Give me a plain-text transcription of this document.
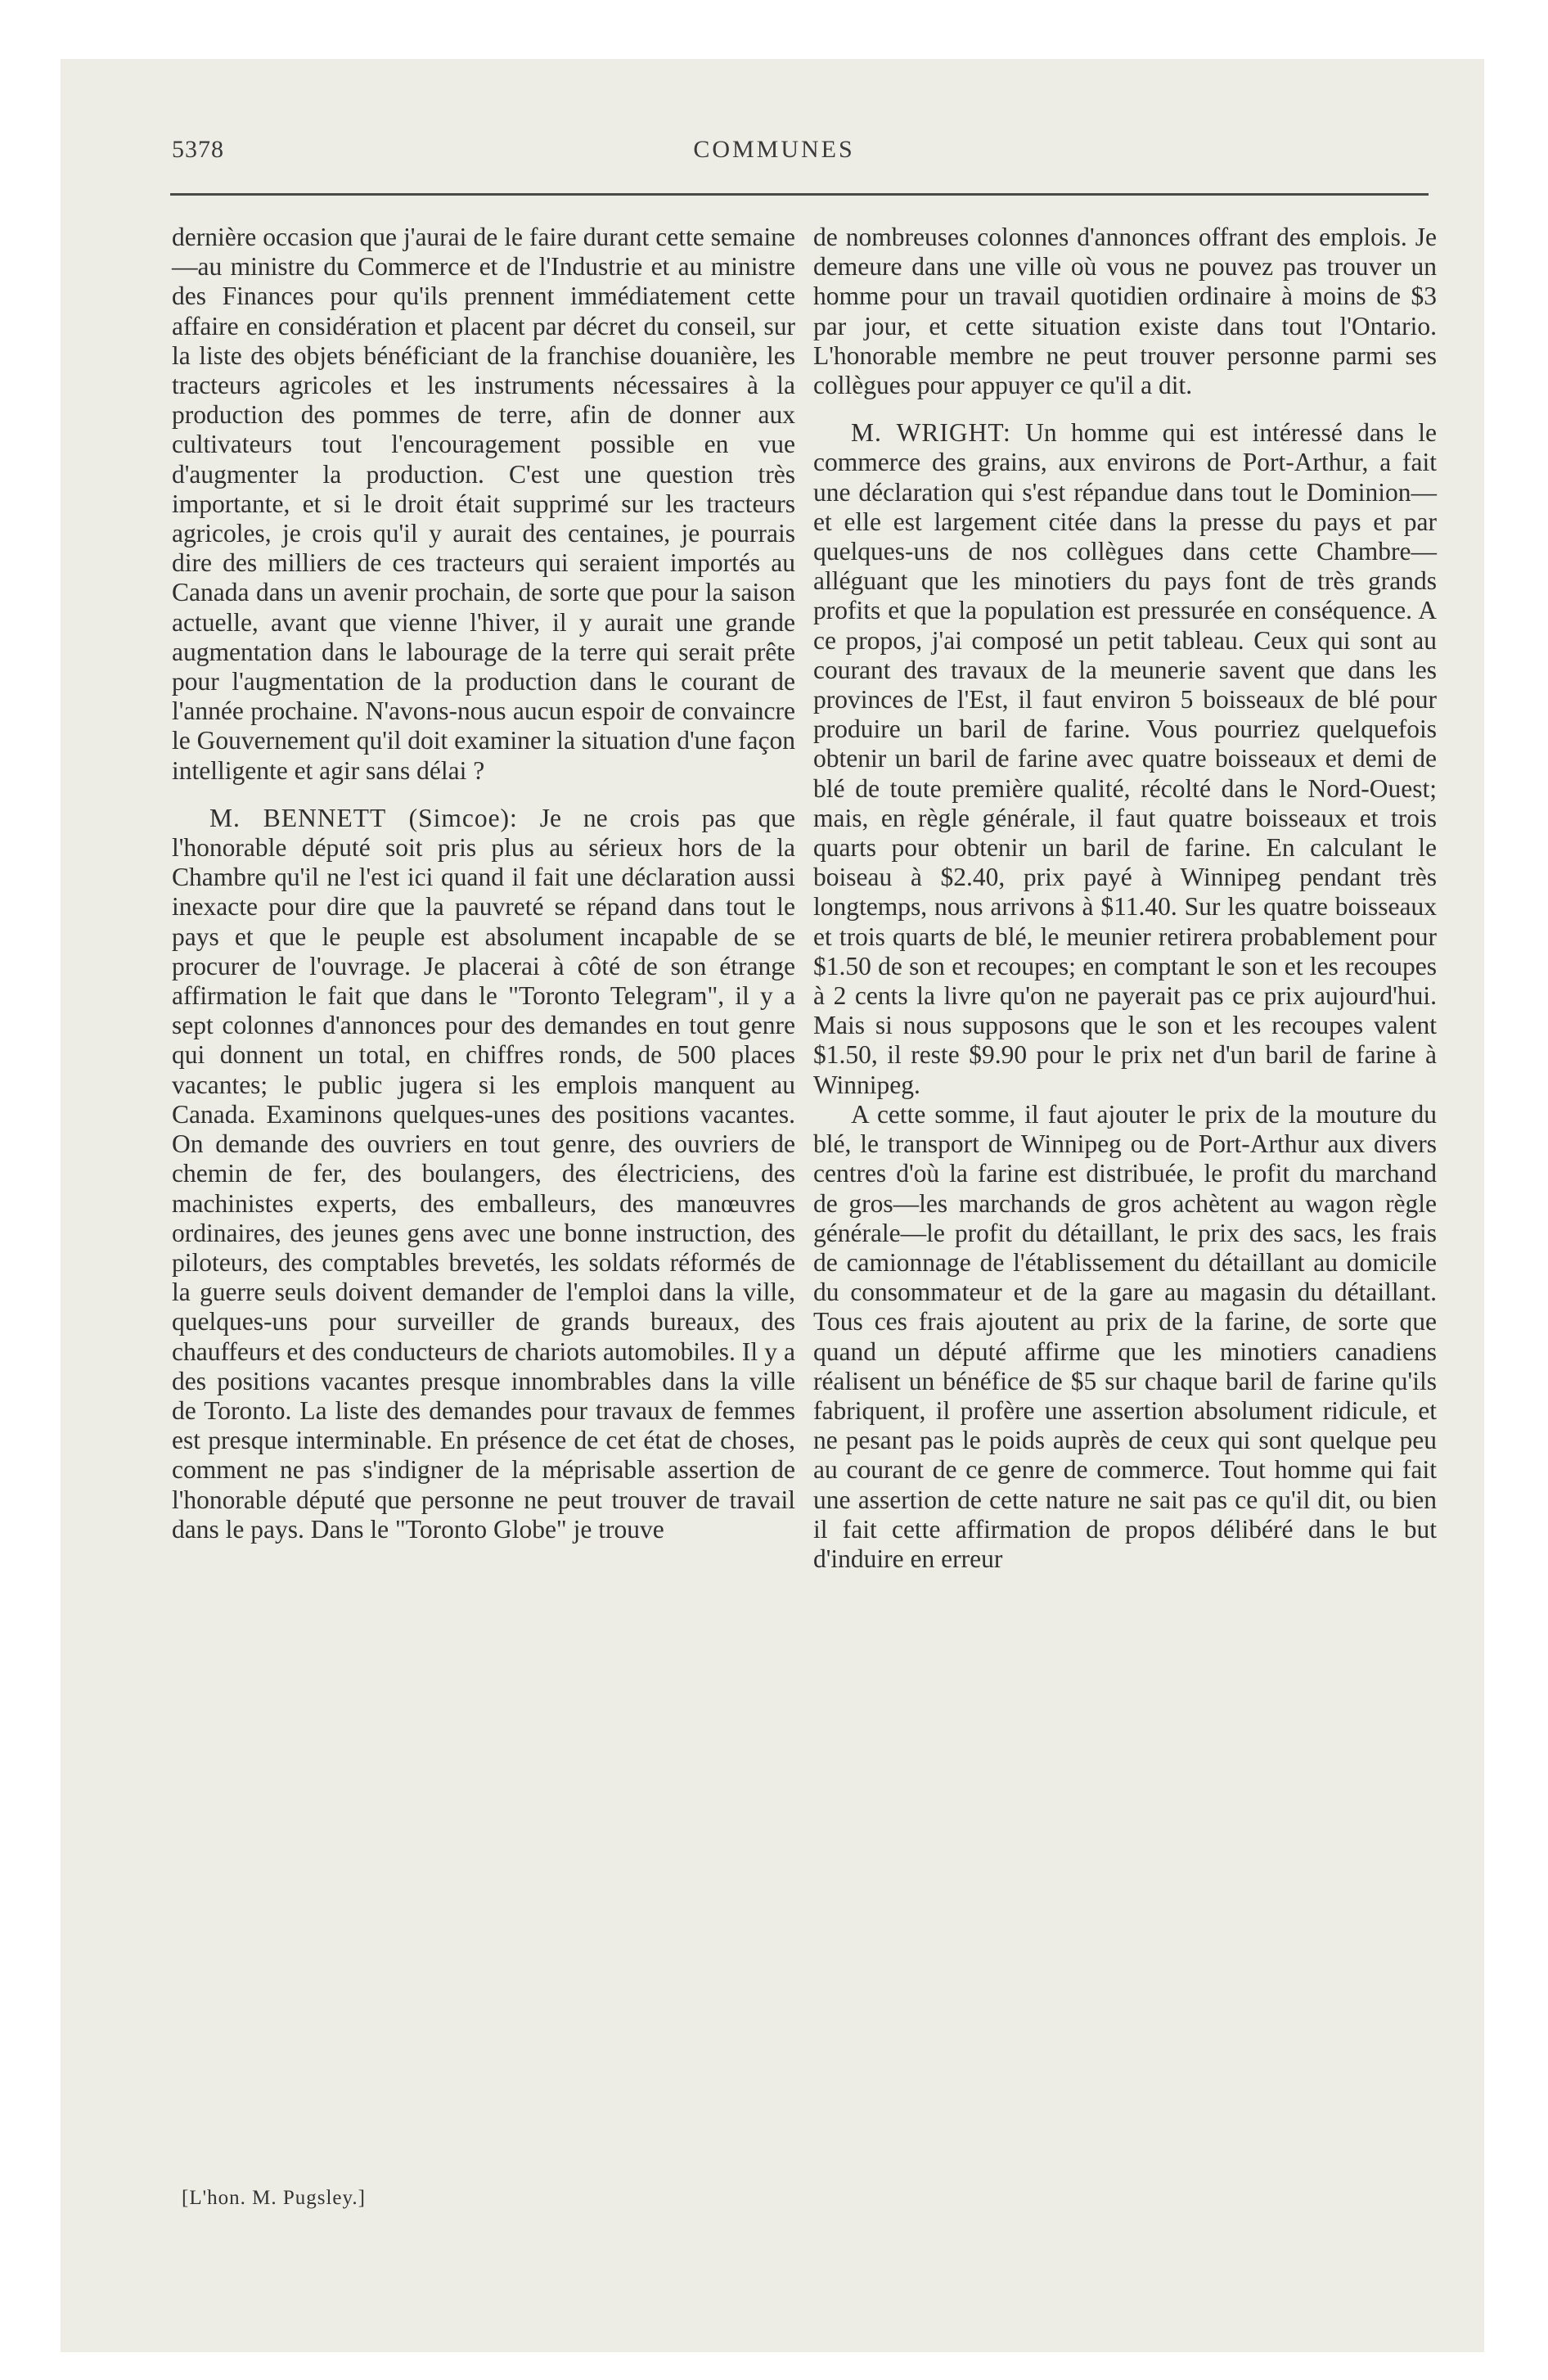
5378	COMMUNES

dernière occasion que j'aurai de le faire durant cette semaine—au ministre du Commerce et de l'Industrie et au ministre des Finances pour qu'ils prennent immédiatement cette affaire en considération et placent par décret du conseil, sur la liste des objets bénéficiant de la franchise douanière, les tracteurs agricoles et les instruments nécessaires à la production des pommes de terre, afin de donner aux cultivateurs tout l'encouragement possible en vue d'augmenter la production. C'est une question très importante, et si le droit était supprimé sur les tracteurs agricoles, je crois qu'il y aurait des centaines, je pourrais dire des milliers de ces tracteurs qui seraient importés au Canada dans un avenir prochain, de sorte que pour la saison actuelle, avant que vienne l'hiver, il y aurait une grande augmentation dans le labourage de la terre qui serait prête pour l'augmentation de la production dans le courant de l'année prochaine. N'avons-nous aucun espoir de convaincre le Gouvernement qu'il doit examiner la situation d'une façon intelligente et agir sans délai ?

M. BENNETT (Simcoe): Je ne crois pas que l'honorable député soit pris plus au sérieux hors de la Chambre qu'il ne l'est ici quand il fait une déclaration aussi inexacte pour dire que la pauvreté se répand dans tout le pays et que le peuple est absolument incapable de se procurer de l'ouvrage. Je placerai à côté de son étrange affirmation le fait que dans le "Toronto Telegram", il y a sept colonnes d'annonces pour des demandes en tout genre qui donnent un total, en chiffres ronds, de 500 places vacantes; le public jugera si les emplois manquent au Canada. Examinons quelques-unes des positions vacantes. On demande des ouvriers en tout genre, des ouvriers de chemin de fer, des boulangers, des électriciens, des machinistes experts, des emballeurs, des manœuvres ordinaires, des jeunes gens avec une bonne instruction, des piloteurs, des comptables brevetés, les soldats réformés de la guerre seuls doivent demander de l'emploi dans la ville, quelques-uns pour surveiller de grands bureaux, des chauffeurs et des conducteurs de chariots automobiles. Il y a des positions vacantes presque innombrables dans la ville de Toronto. La liste des demandes pour travaux de femmes est presque interminable. En présence de cet état de choses, comment ne pas s'indigner de la méprisable assertion de l'honorable député que personne ne peut trouver de travail dans le pays. Dans le "Toronto Globe" je trouve

de nombreuses colonnes d'annonces offrant des emplois. Je demeure dans une ville où vous ne pouvez pas trouver un homme pour un travail quotidien ordinaire à moins de $3 par jour, et cette situation existe dans tout l'Ontario. L'honorable membre ne peut trouver personne parmi ses collègues pour appuyer ce qu'il a dit.

M. WRIGHT: Un homme qui est intéressé dans le commerce des grains, aux environs de Port-Arthur, a fait une déclaration qui s'est répandue dans tout le Dominion—et elle est largement citée dans la presse du pays et par quelques-uns de nos collègues dans cette Chambre—alléguant que les minotiers du pays font de très grands profits et que la population est pressurée en conséquence. A ce propos, j'ai composé un petit tableau. Ceux qui sont au courant des travaux de la meunerie savent que dans les provinces de l'Est, il faut environ 5 boisseaux de blé pour produire un baril de farine. Vous pourriez quelquefois obtenir un baril de farine avec quatre boisseaux et demi de blé de toute première qualité, récolté dans le Nord-Ouest; mais, en règle générale, il faut quatre boisseaux et trois quarts pour obtenir un baril de farine. En calculant le boiseau à $2.40, prix payé à Winnipeg pendant très longtemps, nous arrivons à $11.40. Sur les quatre boisseaux et trois quarts de blé, le meunier retirera probablement pour $1.50 de son et recoupes; en comptant le son et les recoupes à 2 cents la livre qu'on ne payerait pas ce prix aujourd'hui. Mais si nous supposons que le son et les recoupes valent $1.50, il reste $9.90 pour le prix net d'un baril de farine à Winnipeg.

A cette somme, il faut ajouter le prix de la mouture du blé, le transport de Winnipeg ou de Port-Arthur aux divers centres d'où la farine est distribuée, le profit du marchand de gros—les marchands de gros achètent au wagon règle générale—le profit du détaillant, le prix des sacs, les frais de camionnage de l'établissement du détaillant au domicile du consommateur et de la gare au magasin du détaillant. Tous ces frais ajoutent au prix de la farine, de sorte que quand un député affirme que les minotiers canadiens réalisent un bénéfice de $5 sur chaque baril de farine qu'ils fabriquent, il profère une assertion absolument ridicule, et ne pesant pas le poids auprès de ceux qui sont quelque peu au courant de ce genre de commerce. Tout homme qui fait une assertion de cette nature ne sait pas ce qu'il dit, ou bien il fait cette affirmation de propos délibéré dans le but d'induire en erreur

[L'hon. M. Pugsley.]
